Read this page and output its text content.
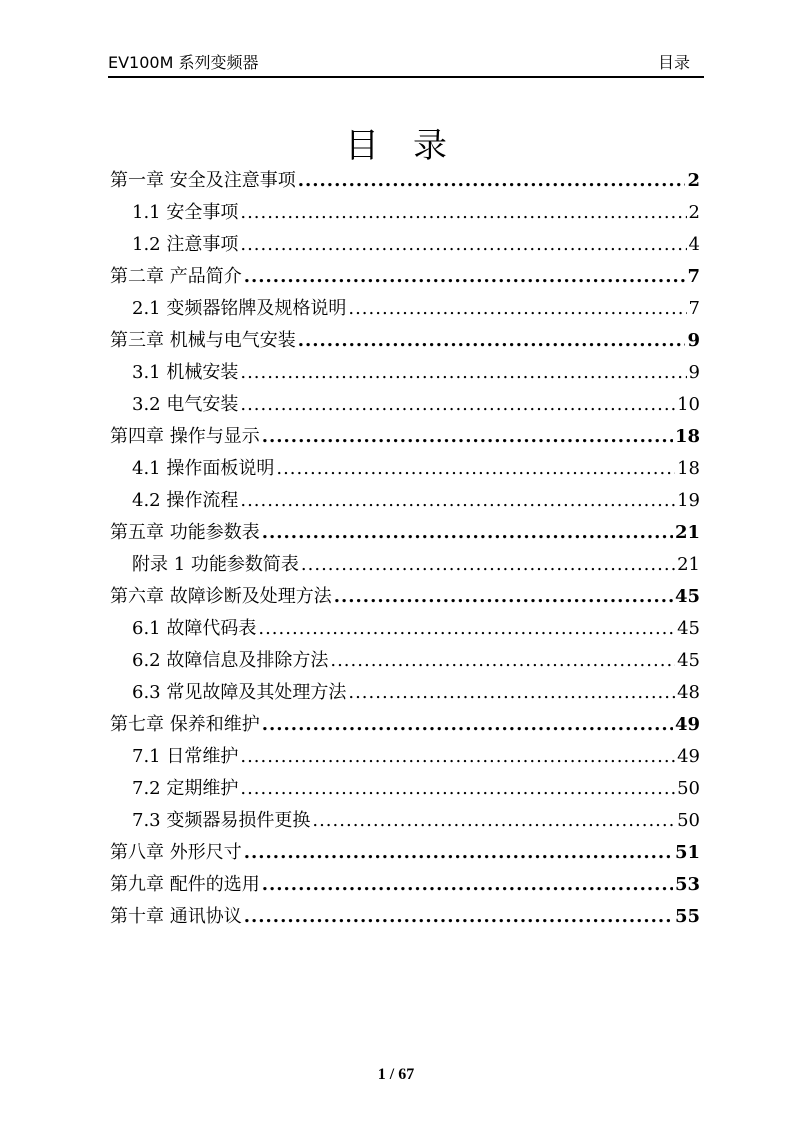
EV100M 系列变频器	目录
目录
第一章 安全及注意事项 .....	2
1.1 安全事项 .....	2
1.2 注意事项 .....	4
第二章 产品简介 .....	7
2.1 变频器铭牌及规格说明 .....	7
第三章 机械与电气安装 .....	9
3.1 机械安装 .....	9
3.2 电气安装 .....	10
第四章 操作与显示 .....	18
4.1 操作面板说明 .....	18
4.2 操作流程 .....	19
第五章 功能参数表 .....	21
附录 1 功能参数简表 .....	21
第六章 故障诊断及处理方法 .....	45
6.1 故障代码表 .....	45
6.2 故障信息及排除方法 .....	45
6.3 常见故障及其处理方法 .....	48
第七章 保养和维护 .....	49
7.1 日常维护 .....	49
7.2 定期维护 .....	50
7.3 变频器易损件更换 .....	50
第八章 外形尺寸 .....	51
第九章 配件的选用 .....	53
第十章 通讯协议 .....	55
1 / 67
